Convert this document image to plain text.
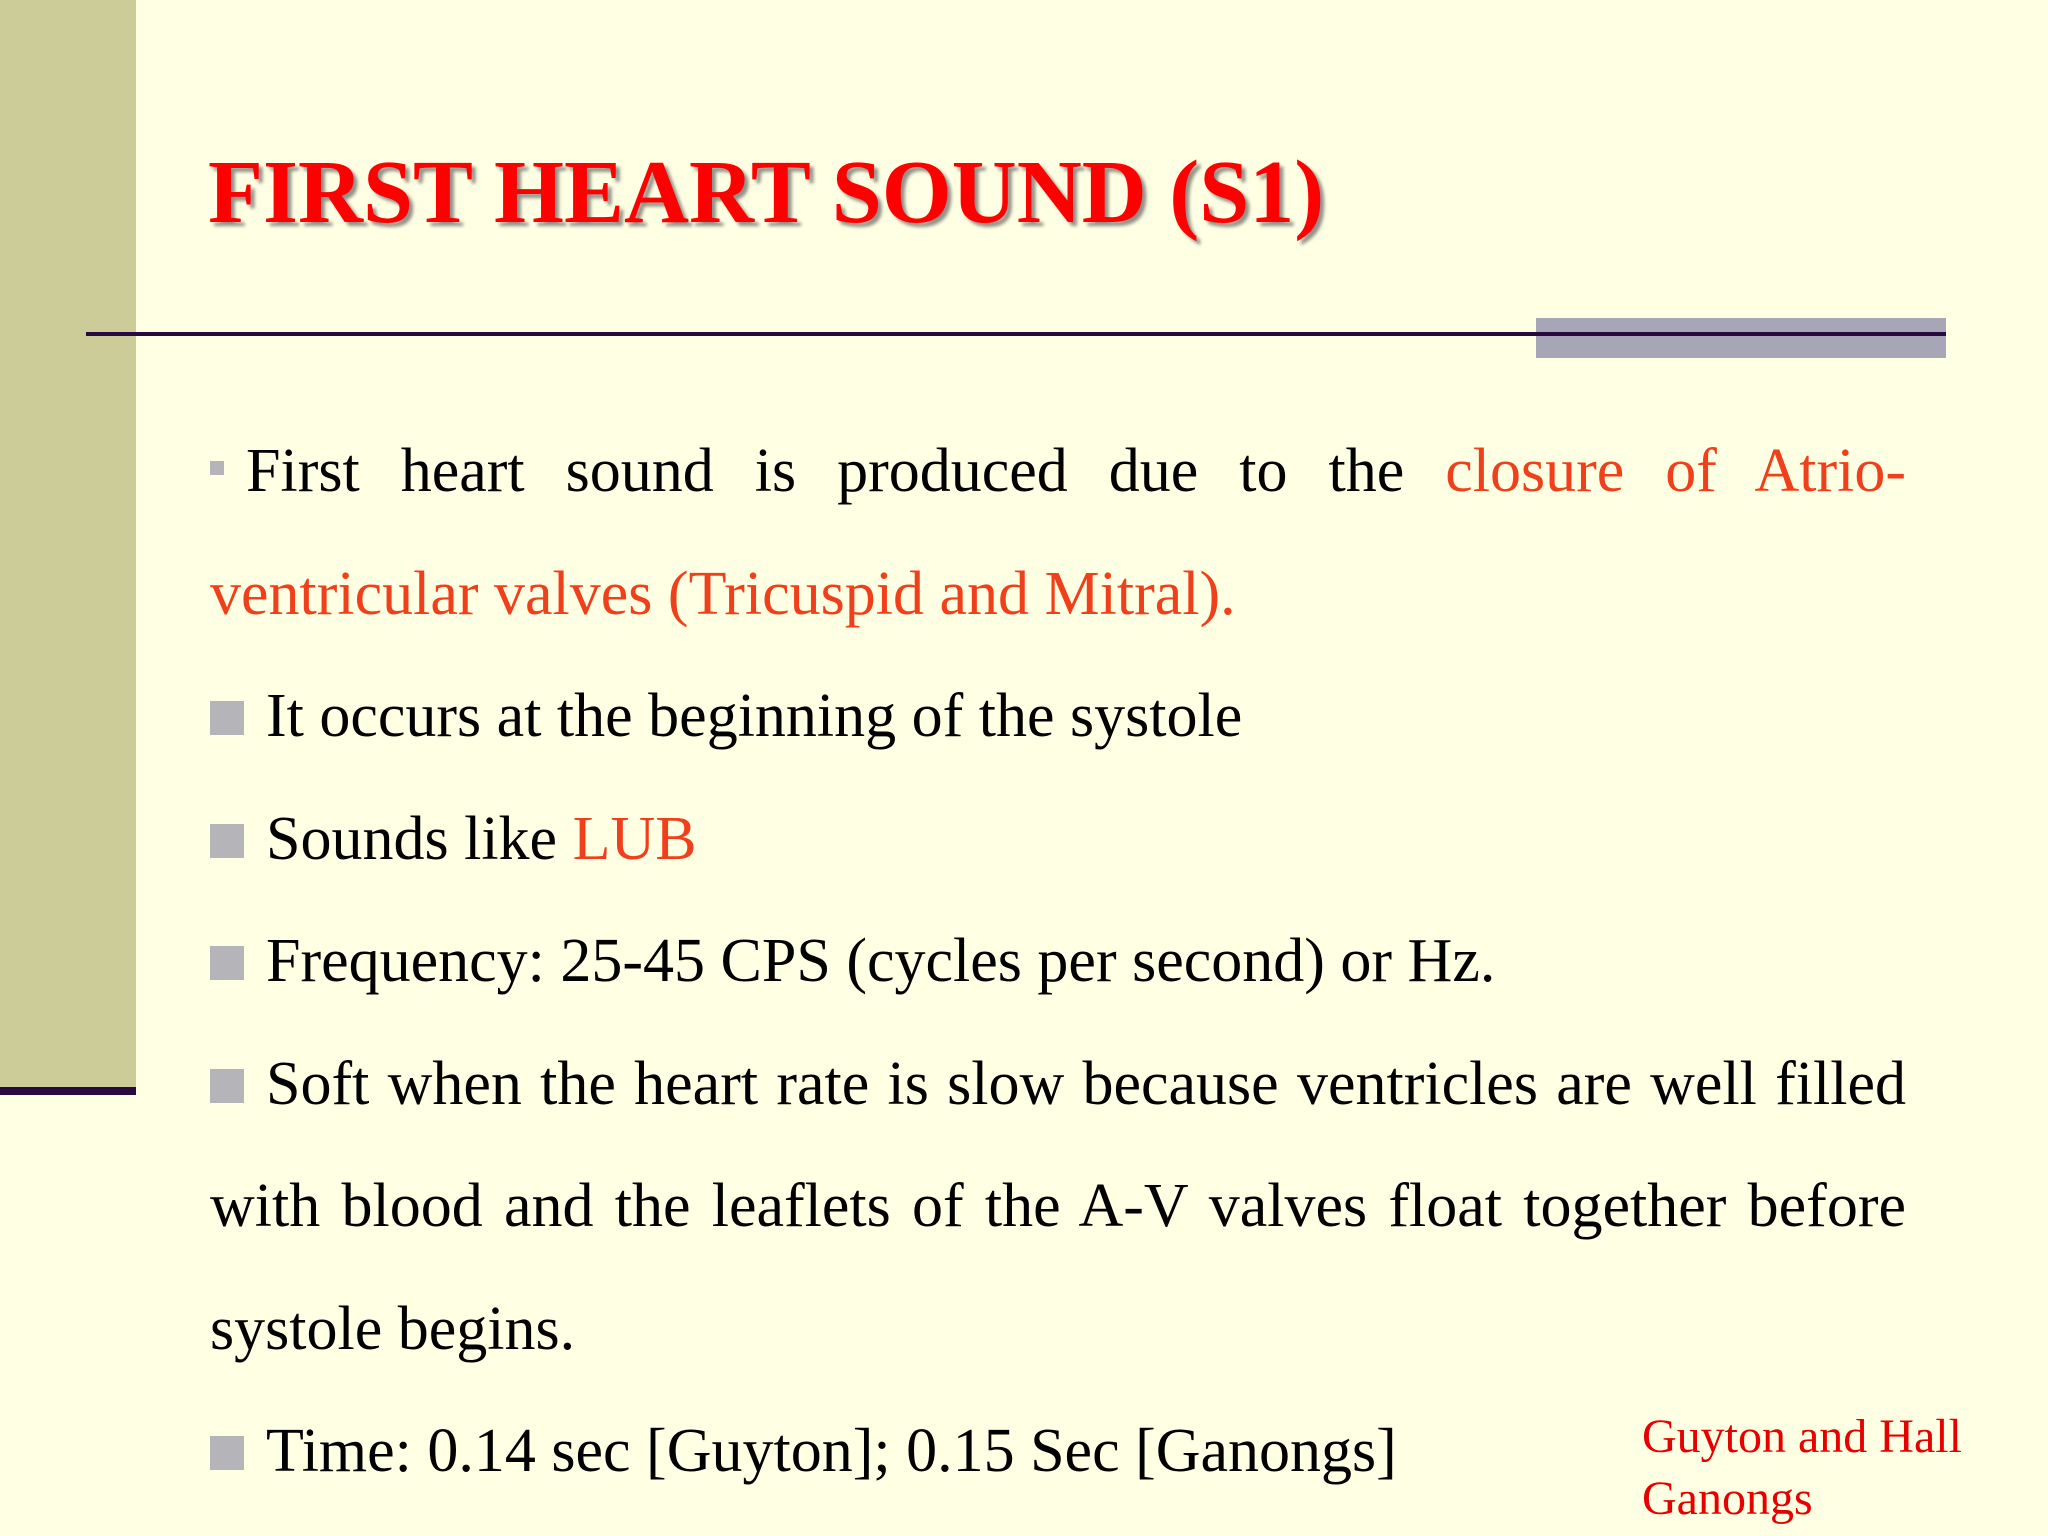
FIRST HEART SOUND (S1)

First heart sound is produced due to the closure of Atrio-ventricular valves (Tricuspid and Mitral).

It occurs at the beginning of the systole

Sounds like LUB

Frequency: 25-45 CPS (cycles per second) or Hz.

Soft when the heart rate is slow because ventricles are well filled with blood and the leaflets of the A-V valves float together before systole begins.

Time: 0.14 sec [Guyton]; 0.15 Sec [Ganongs]	Guyton and Hall
Ganongs
